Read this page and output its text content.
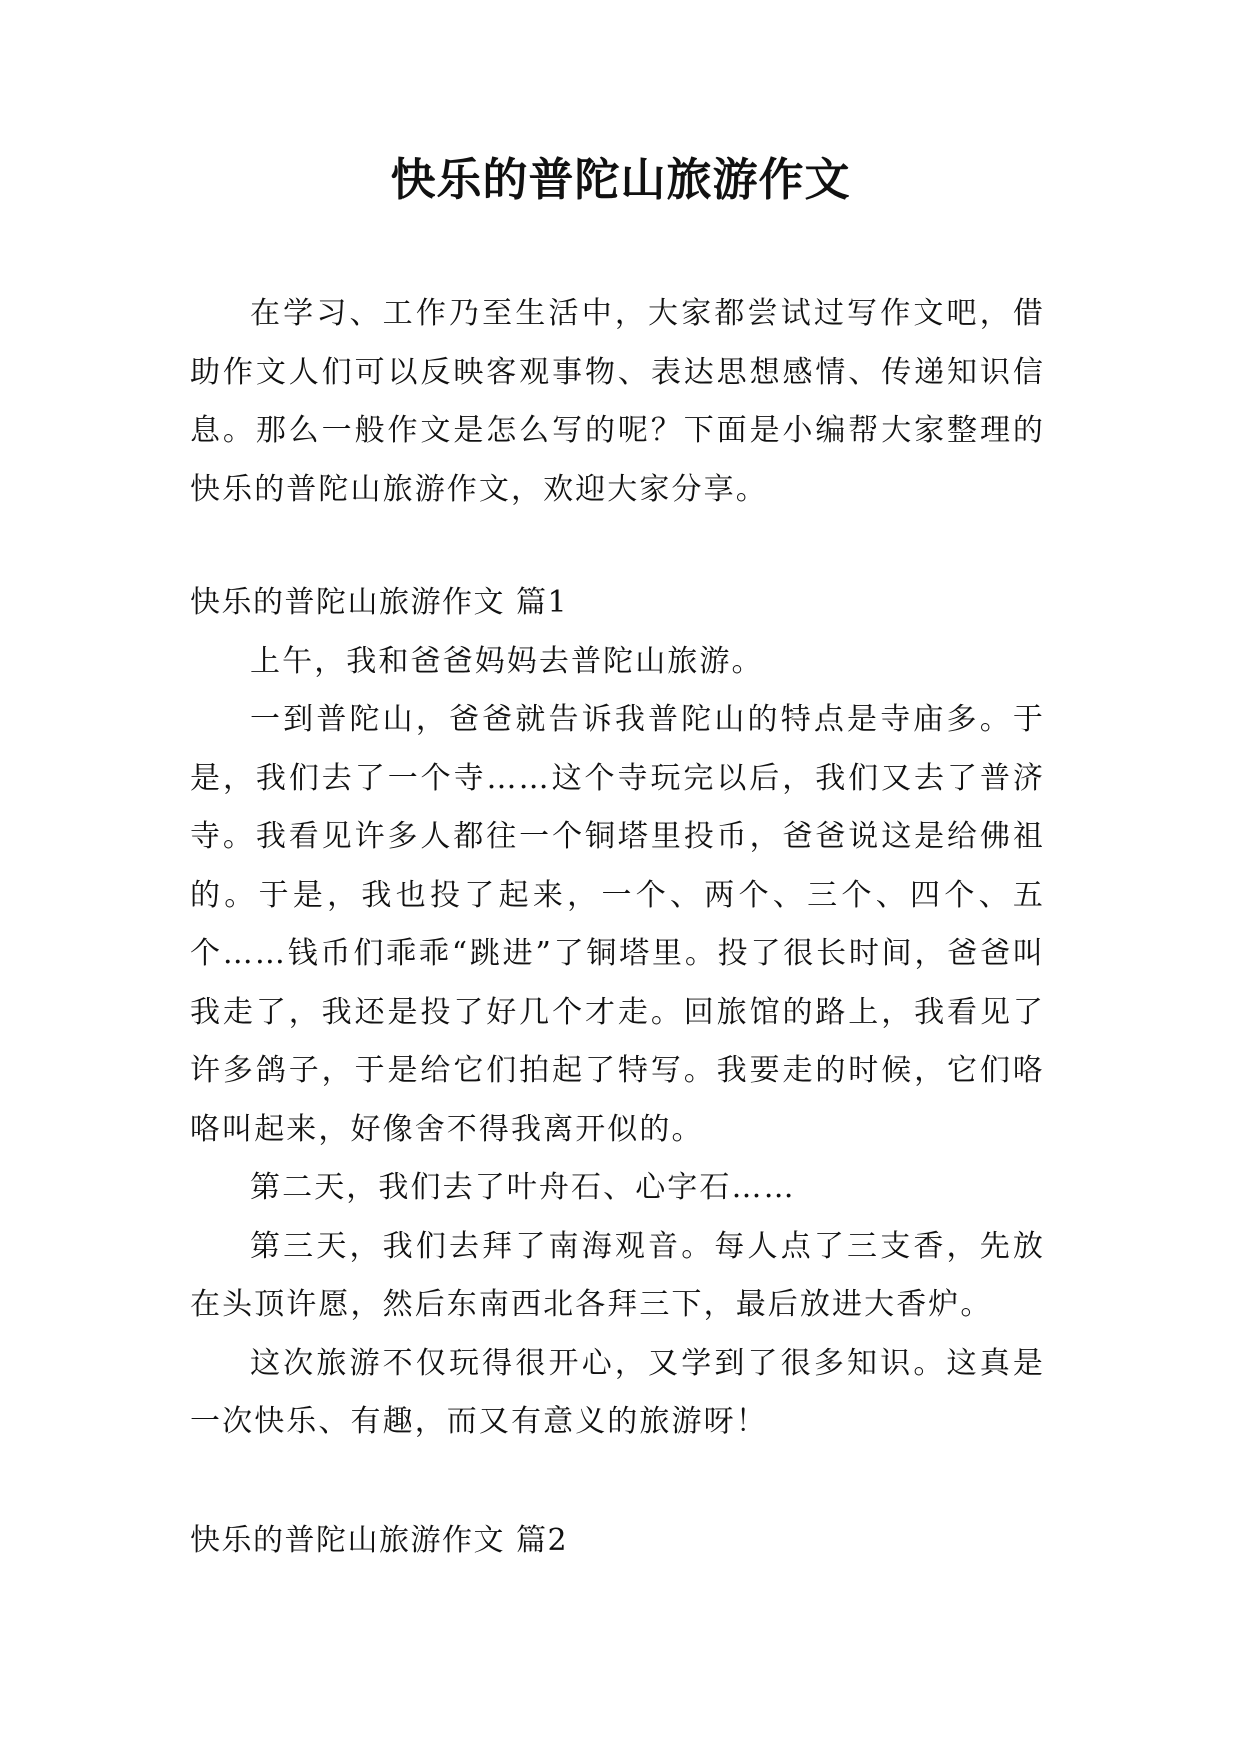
快乐的普陀山旅游作文

在学习、工作乃至生活中，大家都尝试过写作文吧，借助作文人们可以反映客观事物、表达思想感情、传递知识信息。那么一般作文是怎么写的呢？下面是小编帮大家整理的快乐的普陀山旅游作文，欢迎大家分享。

快乐的普陀山旅游作文 篇1

上午，我和爸爸妈妈去普陀山旅游。

一到普陀山，爸爸就告诉我普陀山的特点是寺庙多。于是，我们去了一个寺……这个寺玩完以后，我们又去了普济寺。我看见许多人都往一个铜塔里投币，爸爸说这是给佛祖的。于是，我也投了起来，一个、两个、三个、四个、五个……钱币们乖乖“跳进”了铜塔里。投了很长时间，爸爸叫我走了，我还是投了好几个才走。回旅馆的路上，我看见了许多鸽子，于是给它们拍起了特写。我要走的时候，它们咯咯叫起来，好像舍不得我离开似的。

第二天，我们去了叶舟石、心字石……

第三天，我们去拜了南海观音。每人点了三支香，先放在头顶许愿，然后东南西北各拜三下，最后放进大香炉。

这次旅游不仅玩得很开心，又学到了很多知识。这真是一次快乐、有趣，而又有意义的旅游呀！

快乐的普陀山旅游作文 篇2
